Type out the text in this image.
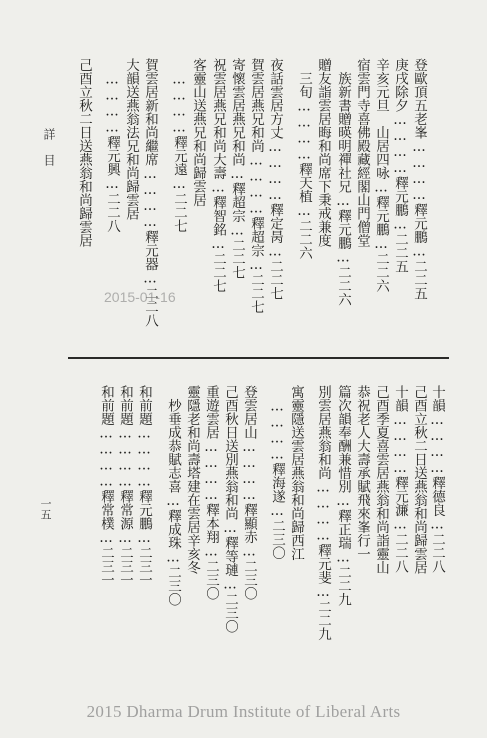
詳目
一五
登歐頂五老峯…………釋元鵬…二二五
庚戌除夕…………釋元鵬…二二五
辛亥元旦　山居四咏…釋元鵬…二二六
宿雲門寺喜佛殿藏經閣山門僧堂
　族新書贈暎明禪社兄…釋元鵬…二二六
贈友詣雲居晦和尚席下秉戒兼度
　三旬…………釋天植…二二六
夜話雲居方丈…………釋定昺…二二七
賀雲居燕兄和尚…………釋超宗…二二七
寄懷雲居燕兄和尚…釋超宗…二二七
祝雲居燕兄和尚大壽…釋智銘…二二七
客靈山送燕兄和尚歸雲居
　…………釋元遠…二二七
賀雲居新和尚繼席…………釋元器…二二八
大韻送燕翁法兄和尚歸雲居
　…………釋元興…二二八
己酉立秋二日送燕翁和尚歸雲居
2015-01-16
十韻…………釋德良…二二八
己酉立秋二日送燕翁和尚歸雲居
十韻…………釋元濂…二二八
己酉季夏喜雲居燕翁和尚詣靈山
恭祝老人大壽承賦飛來峯行一
篇次韻奉酬兼惜別…釋正瑞…二二九
別雲居燕翁和尚…………釋元斐…二二九
寓靈隱送雲居燕翁和尚歸西江
　…………釋海遂…二三〇
登雲居山…………釋顯赤…二三〇
己酉秋日送別燕翁和尚…釋等璉…二三〇
重遊雲居…………釋本翔…二三〇
靈隱老和尚壽塔建在雲居辛亥冬
　杪垂成恭賦志喜…釋成珠…二三〇
和前題…………釋元鵬…二三一
和前題…………釋常源…二三一
和前題…………釋常樸…二三一
2015 Dharma Drum Institute of Liberal Arts
